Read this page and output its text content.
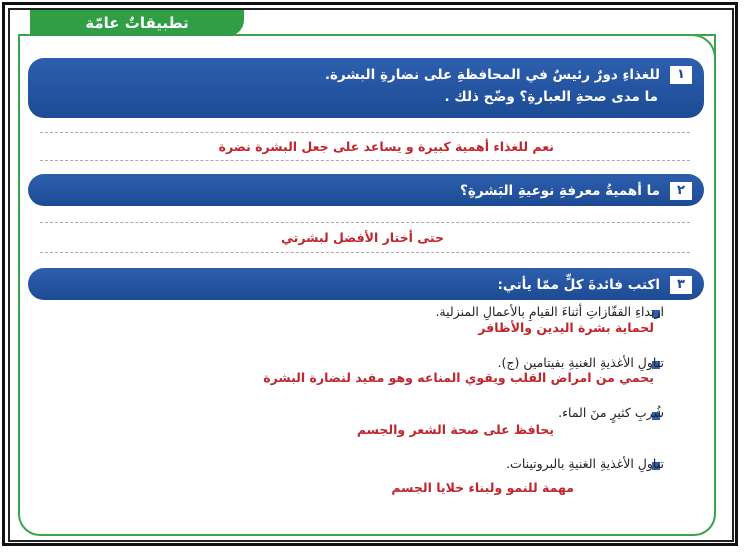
تطبيقاتٌ عامّة
١للغذاءِ دورٌ رئيسٌ في المحافظةِ على نضارةِ البشرة.
ما مدى صحةِ العبارةِ؟ وضّح ذلك .
نعم للغذاء أهمية كبيرة و يساعد على جعل البشرة نضرة
٢ما أهميةُ معرفةِ نوعيةِ البَشرةِ؟
حتى أختار الأفضل لبشرتي
٣اكتب فائدةَ كلٍّ ممّا يأتي:
ارتداءِ القفّازاتِ أثناءَ القيامِ بالأعمالِ المنزلية.
لحماية بشرة اليدين والأظافر
تناولِ الأغذيةِ الغنيةِ بفيتامين (ج).
يحمي من امراض القلب ويقوي المناعه وهو مفيد لنضارة البشرة
شُربِ كثيرٍ منَ الماء.
يحافظ على صحة الشعر والجسم
تناولِ الأغذيةِ الغنيةِ بالبروتينات.
مهمة للنمو ولبناء خلايا الجسم
